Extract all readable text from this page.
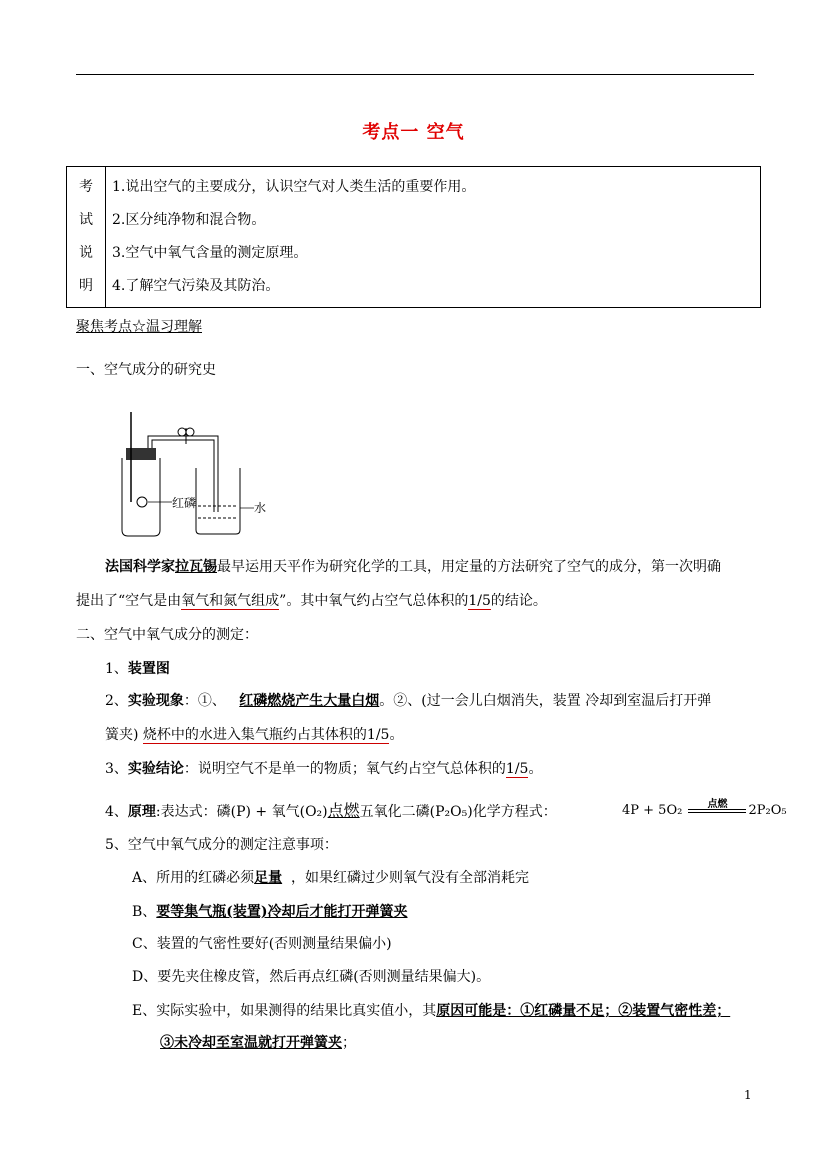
考点一 空气
考
试
说
明

1.说出空气的主要成分，认识空气对人类生活的重要作用。
2.区分纯净物和混合物。
3.空气中氧气含量的测定原理。
4.了解空气污染及其防治。
聚焦考点☆温习理解
一、空气成分的研究史
红磷	水
法国科学家拉瓦锡最早运用天平作为研究化学的工具，用定量的方法研究了空气的成分，第一次明确
提出了“空气是由氧气和氮气组成”。其中氧气约占空气总体积的1/5的结论。
二、空气中氧气成分的测定：
1、装置图
2、实验现象：①、 红磷燃烧产生大量白烟。②、(过一会儿白烟消失，装置 冷却到室温后打开弹
簧夹) 烧杯中的水进入集气瓶约占其体积的1/5。
3、实验结论：说明空气不是单一的物质；氧气约占空气总体积的1/5。
4、原理:表达式：磷(P) + 氧气(O₂)点燃五氧化二磷(P₂O₅)化学方程式：	4P + 5O₂	点燃	2P₂O₅
5、空气中氧气成分的测定注意事项：
A、所用的红磷必须足量 ，如果红磷过少则氧气没有全部消耗完
B、要等集气瓶(装置)冷却后才能打开弹簧夹
C、装置的气密性要好(否则测量结果偏小)
D、要先夹住橡皮管，然后再点红磷(否则测量结果偏大)。
E、实际实验中，如果测得的结果比真实值小，其原因可能是：①红磷量不足；②装置气密性差；
③未冷却至室温就打开弹簧夹；
1
